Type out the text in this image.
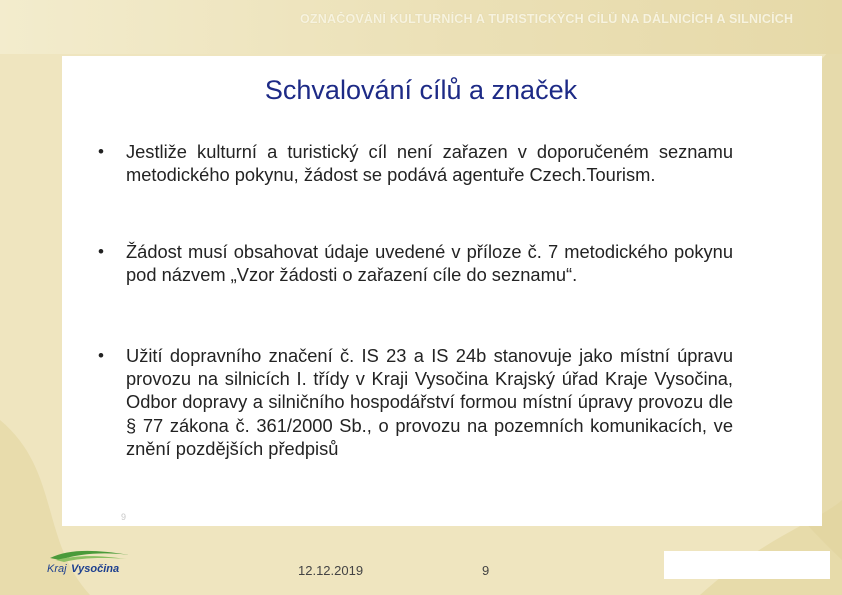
OZNAČOVÁNÍ KULTURNÍCH A TURISTICKÝCH CÍLŮ NA DÁLNICÍCH A SILNICÍCH
Schvalování cílů a značek
• Jestliže kulturní a turistický cíl není zařazen v doporučeném seznamu metodického pokynu, žádost se podává agentuře Czech.Tourism.
• Žádost musí obsahovat údaje uvedené v příloze č. 7 metodického pokynu pod názvem „Vzor žádosti o zařazení cíle do seznamu“.
• Užití dopravního značení č. IS 23 a IS 24b stanovuje jako místní úpravu provozu na silnicích I. třídy v Kraji Vysočina Krajský úřad Kraje Vysočina, Odbor dopravy a silničního hospodářství formou místní úpravy provozu dle § 77 zákona č. 361/2000 Sb., o provozu na pozemních komunikacích, ve znění pozdějších předpisů
9
Kraj Vysočina	12.12.2019	9
